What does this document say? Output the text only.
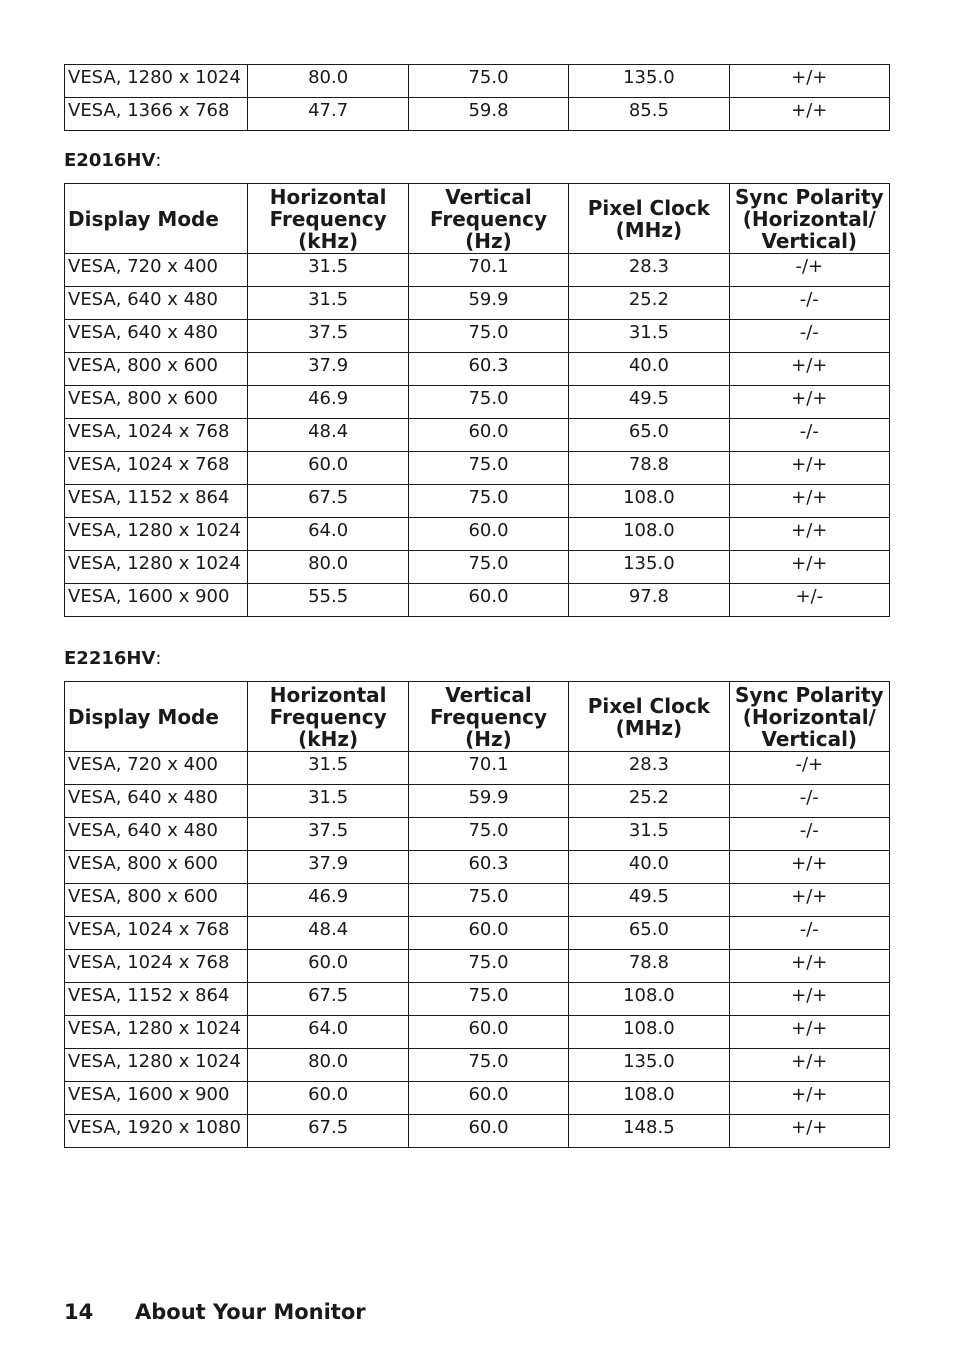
VESA, 1280 x 1024	80.0	75.0	135.0	+/+
VESA, 1366 x 768	47.7	59.8	85.5	+/+
E2016HV:
Display Mode	Horizontal Frequency (kHz)	Vertical Frequency (Hz)	Pixel Clock (MHz)	Sync Polarity (Horizontal/ Vertical)

VESA, 720 x 400	31.5	70.1	28.3	-/+
VESA, 640 x 480	31.5	59.9	25.2	-/-
VESA, 640 x 480	37.5	75.0	31.5	-/-
VESA, 800 x 600	37.9	60.3	40.0	+/+
VESA, 800 x 600	46.9	75.0	49.5	+/+
VESA, 1024 x 768	48.4	60.0	65.0	-/-
VESA, 1024 x 768	60.0	75.0	78.8	+/+
VESA, 1152 x 864	67.5	75.0	108.0	+/+
VESA, 1280 x 1024	64.0	60.0	108.0	+/+
VESA, 1280 x 1024	80.0	75.0	135.0	+/+
VESA, 1600 x 900	55.5	60.0	97.8	+/-
E2216HV:
Display Mode	Horizontal Frequency (kHz)	Vertical Frequency (Hz)	Pixel Clock (MHz)	Sync Polarity (Horizontal/ Vertical)

VESA, 720 x 400	31.5	70.1	28.3	-/+
VESA, 640 x 480	31.5	59.9	25.2	-/-
VESA, 640 x 480	37.5	75.0	31.5	-/-
VESA, 800 x 600	37.9	60.3	40.0	+/+
VESA, 800 x 600	46.9	75.0	49.5	+/+
VESA, 1024 x 768	48.4	60.0	65.0	-/-
VESA, 1024 x 768	60.0	75.0	78.8	+/+
VESA, 1152 x 864	67.5	75.0	108.0	+/+
VESA, 1280 x 1024	64.0	60.0	108.0	+/+
VESA, 1280 x 1024	80.0	75.0	135.0	+/+
VESA, 1600 x 900	60.0	60.0	108.0	+/+
VESA, 1920 x 1080	67.5	60.0	148.5	+/+
14 About Your Monitor
